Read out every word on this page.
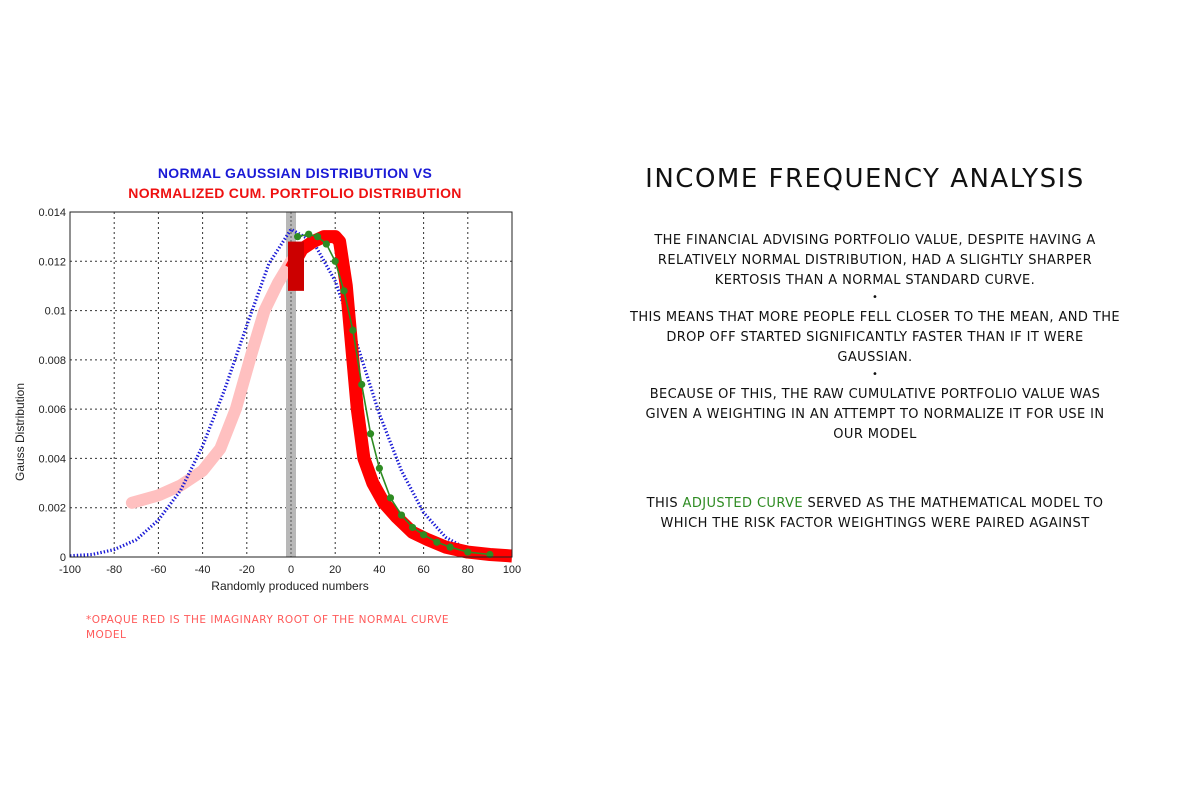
NORMAL GAUSSIAN DISTRIBUTION VS
NORMALIZED CUM. PORTFOLIO DISTRIBUTION
-100 -80	-60	-40	-20	0	20	40	60	80	100
0
0.002
0.004
0.006
0.008
0.01
0.012
0.014
Randomly produced numbers
Gauss Distribution
*OPAQUE RED IS THE IMAGINARY ROOT OF THE NORMAL CURVE MODEL
INCOME FREQUENCY ANALYSIS
THE FINANCIAL ADVISING PORTFOLIO VALUE, DESPITE HAVING A RELATIVELY NORMAL DISTRIBUTION, HAD A SLIGHTLY SHARPER KERTOSIS THAN A NORMAL STANDARD CURVE.
•
THIS MEANS THAT MORE PEOPLE FELL CLOSER TO THE MEAN, AND THE DROP OFF STARTED SIGNIFICANTLY FASTER THAN IF IT WERE GAUSSIAN.
•
BECAUSE OF THIS, THE RAW CUMULATIVE PORTFOLIO VALUE WAS GIVEN A WEIGHTING IN AN ATTEMPT TO NORMALIZE IT FOR USE IN OUR MODEL
THIS ADJUSTED CURVE SERVED AS THE MATHEMATICAL MODEL TO WHICH THE RISK FACTOR WEIGHTINGS WERE PAIRED AGAINST
